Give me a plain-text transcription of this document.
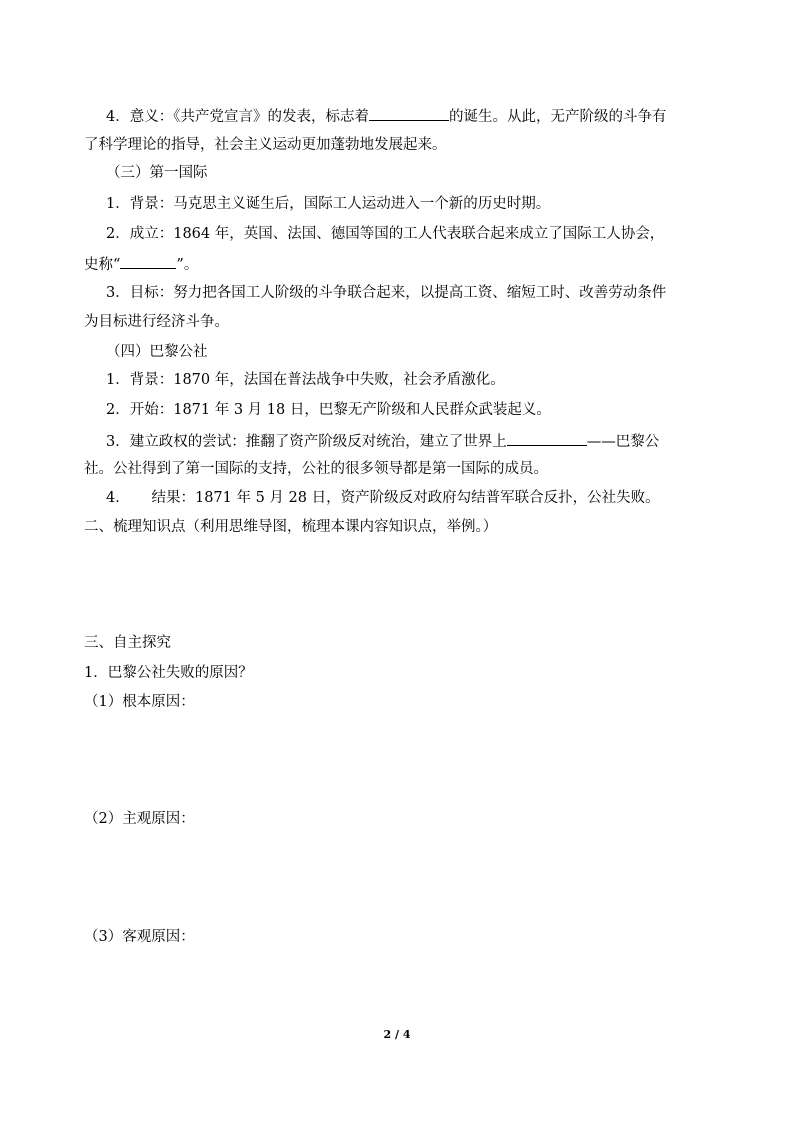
4．意义：《共产党宣言》的发表，标志着	的诞生。从此，无产阶级的斗争有
了科学理论的指导，社会主义运动更加蓬勃地发展起来。
（三）第一国际
1．背景：马克思主义诞生后，国际工人运动进入一个新的历史时期。
2．成立：1864 年，英国、法国、德国等国的工人代表联合起来成立了国际工人协会，
史称“	”。
3．目标：努力把各国工人阶级的斗争联合起来，以提高工资、缩短工时、改善劳动条件
为目标进行经济斗争。
（四）巴黎公社
1．背景：1870 年，法国在普法战争中失败，社会矛盾激化。
2．开始：1871 年 3 月 18 日，巴黎无产阶级和人民群众武装起义。
3．建立政权的尝试：推翻了资产阶级反对统治，建立了世界上	——巴黎公
社。公社得到了第一国际的支持，公社的很多领导都是第一国际的成员。
4．　　结果：1871 年 5 月 28 日，资产阶级反对政府勾结普军联合反扑，公社失败。
二、梳理知识点（利用思维导图，梳理本课内容知识点，举例。）
三、自主探究
1．巴黎公社失败的原因？
（1）根本原因：
（2）主观原因：
（3）客观原因：
2 / 4
